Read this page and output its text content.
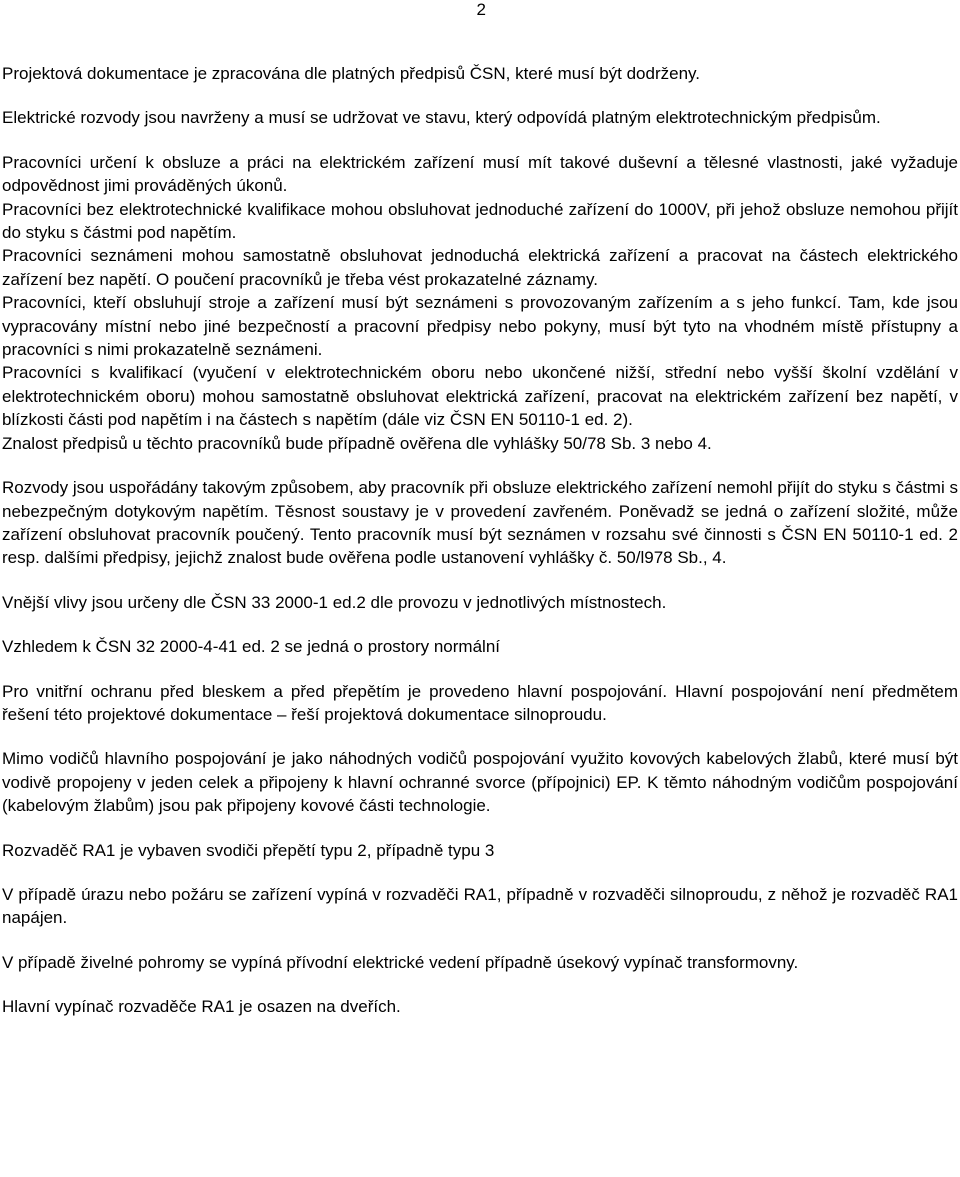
2

Projektová dokumentace je zpracována dle platných předpisů ČSN, které musí být dodrženy.

Elektrické rozvody jsou navrženy a musí se udržovat ve stavu, který odpovídá platným elektrotechnickým předpisům.

Pracovníci určení k obsluze a práci na elektrickém zařízení musí mít takové duševní a tělesné vlastnosti, jaké vyžaduje odpovědnost jimi prováděných úkonů.

Pracovníci bez elektrotechnické kvalifikace mohou obsluhovat jednoduché zařízení do 1000V, při jehož obsluze nemohou přijít do styku s částmi pod napětím.

Pracovníci seznámeni mohou samostatně obsluhovat jednoduchá elektrická zařízení a pracovat na částech elektrického zařízení bez napětí. O poučení pracovníků je třeba vést prokazatelné záznamy.

Pracovníci, kteří obsluhují stroje a zařízení musí být seznámeni s provozovaným zařízením a s jeho funkcí. Tam, kde jsou vypracovány místní nebo jiné bezpečností a pracovní předpisy nebo pokyny, musí být tyto na vhodném místě přístupny a pracovníci s nimi prokazatelně seznámeni.

Pracovníci s kvalifikací (vyučení v elektrotechnickém oboru nebo ukončené nižší, střední nebo vyšší školní vzdělání v elektrotechnickém oboru) mohou samostatně obsluhovat elektrická zařízení, pracovat na elektrickém zařízení bez napětí, v blízkosti části pod napětím i na částech s napětím (dále viz ČSN EN 50110-1 ed. 2).

Znalost předpisů u těchto pracovníků bude případně ověřena dle vyhlášky 50/78 Sb. 3 nebo 4.

Rozvody jsou uspořádány takovým způsobem, aby pracovník při obsluze elektrického zařízení nemohl přijít do styku s částmi s nebezpečným dotykovým napětím. Těsnost soustavy je v provedení zavřeném. Poněvadž se jedná o zařízení složité, může zařízení obsluhovat pracovník poučený. Tento pracovník musí být seznámen v rozsahu své činnosti s ČSN EN 50110-1 ed. 2 resp. dalšími předpisy, jejichž znalost bude ověřena podle ustanovení vyhlášky č. 50/l978 Sb., 4.

Vnější vlivy jsou určeny dle ČSN 33 2000-1 ed.2 dle provozu v jednotlivých místnostech.

Vzhledem k ČSN 32 2000-4-41 ed. 2 se jedná o prostory normální

Pro vnitřní ochranu před bleskem a před přepětím je provedeno hlavní pospojování. Hlavní pospojování není předmětem řešení této projektové dokumentace – řeší projektová dokumentace silnoproudu.

Mimo vodičů hlavního pospojování je jako náhodných vodičů pospojování využito kovových kabelových žlabů, které musí být vodivě propojeny v jeden celek a připojeny k hlavní ochranné svorce (přípojnici) EP. K těmto náhodným vodičům pospojování (kabelovým žlabům) jsou pak připojeny kovové části technologie.

Rozvaděč RA1 je vybaven svodiči přepětí typu 2, případně typu 3

V případě úrazu nebo požáru se zařízení vypíná v rozvaděči RA1, případně v rozvaděči silnoproudu, z něhož je rozvaděč RA1 napájen.

V případě živelné pohromy se vypíná přívodní elektrické vedení případně úsekový vypínač transformovny.

Hlavní vypínač rozvaděče RA1 je osazen na dveřích.
